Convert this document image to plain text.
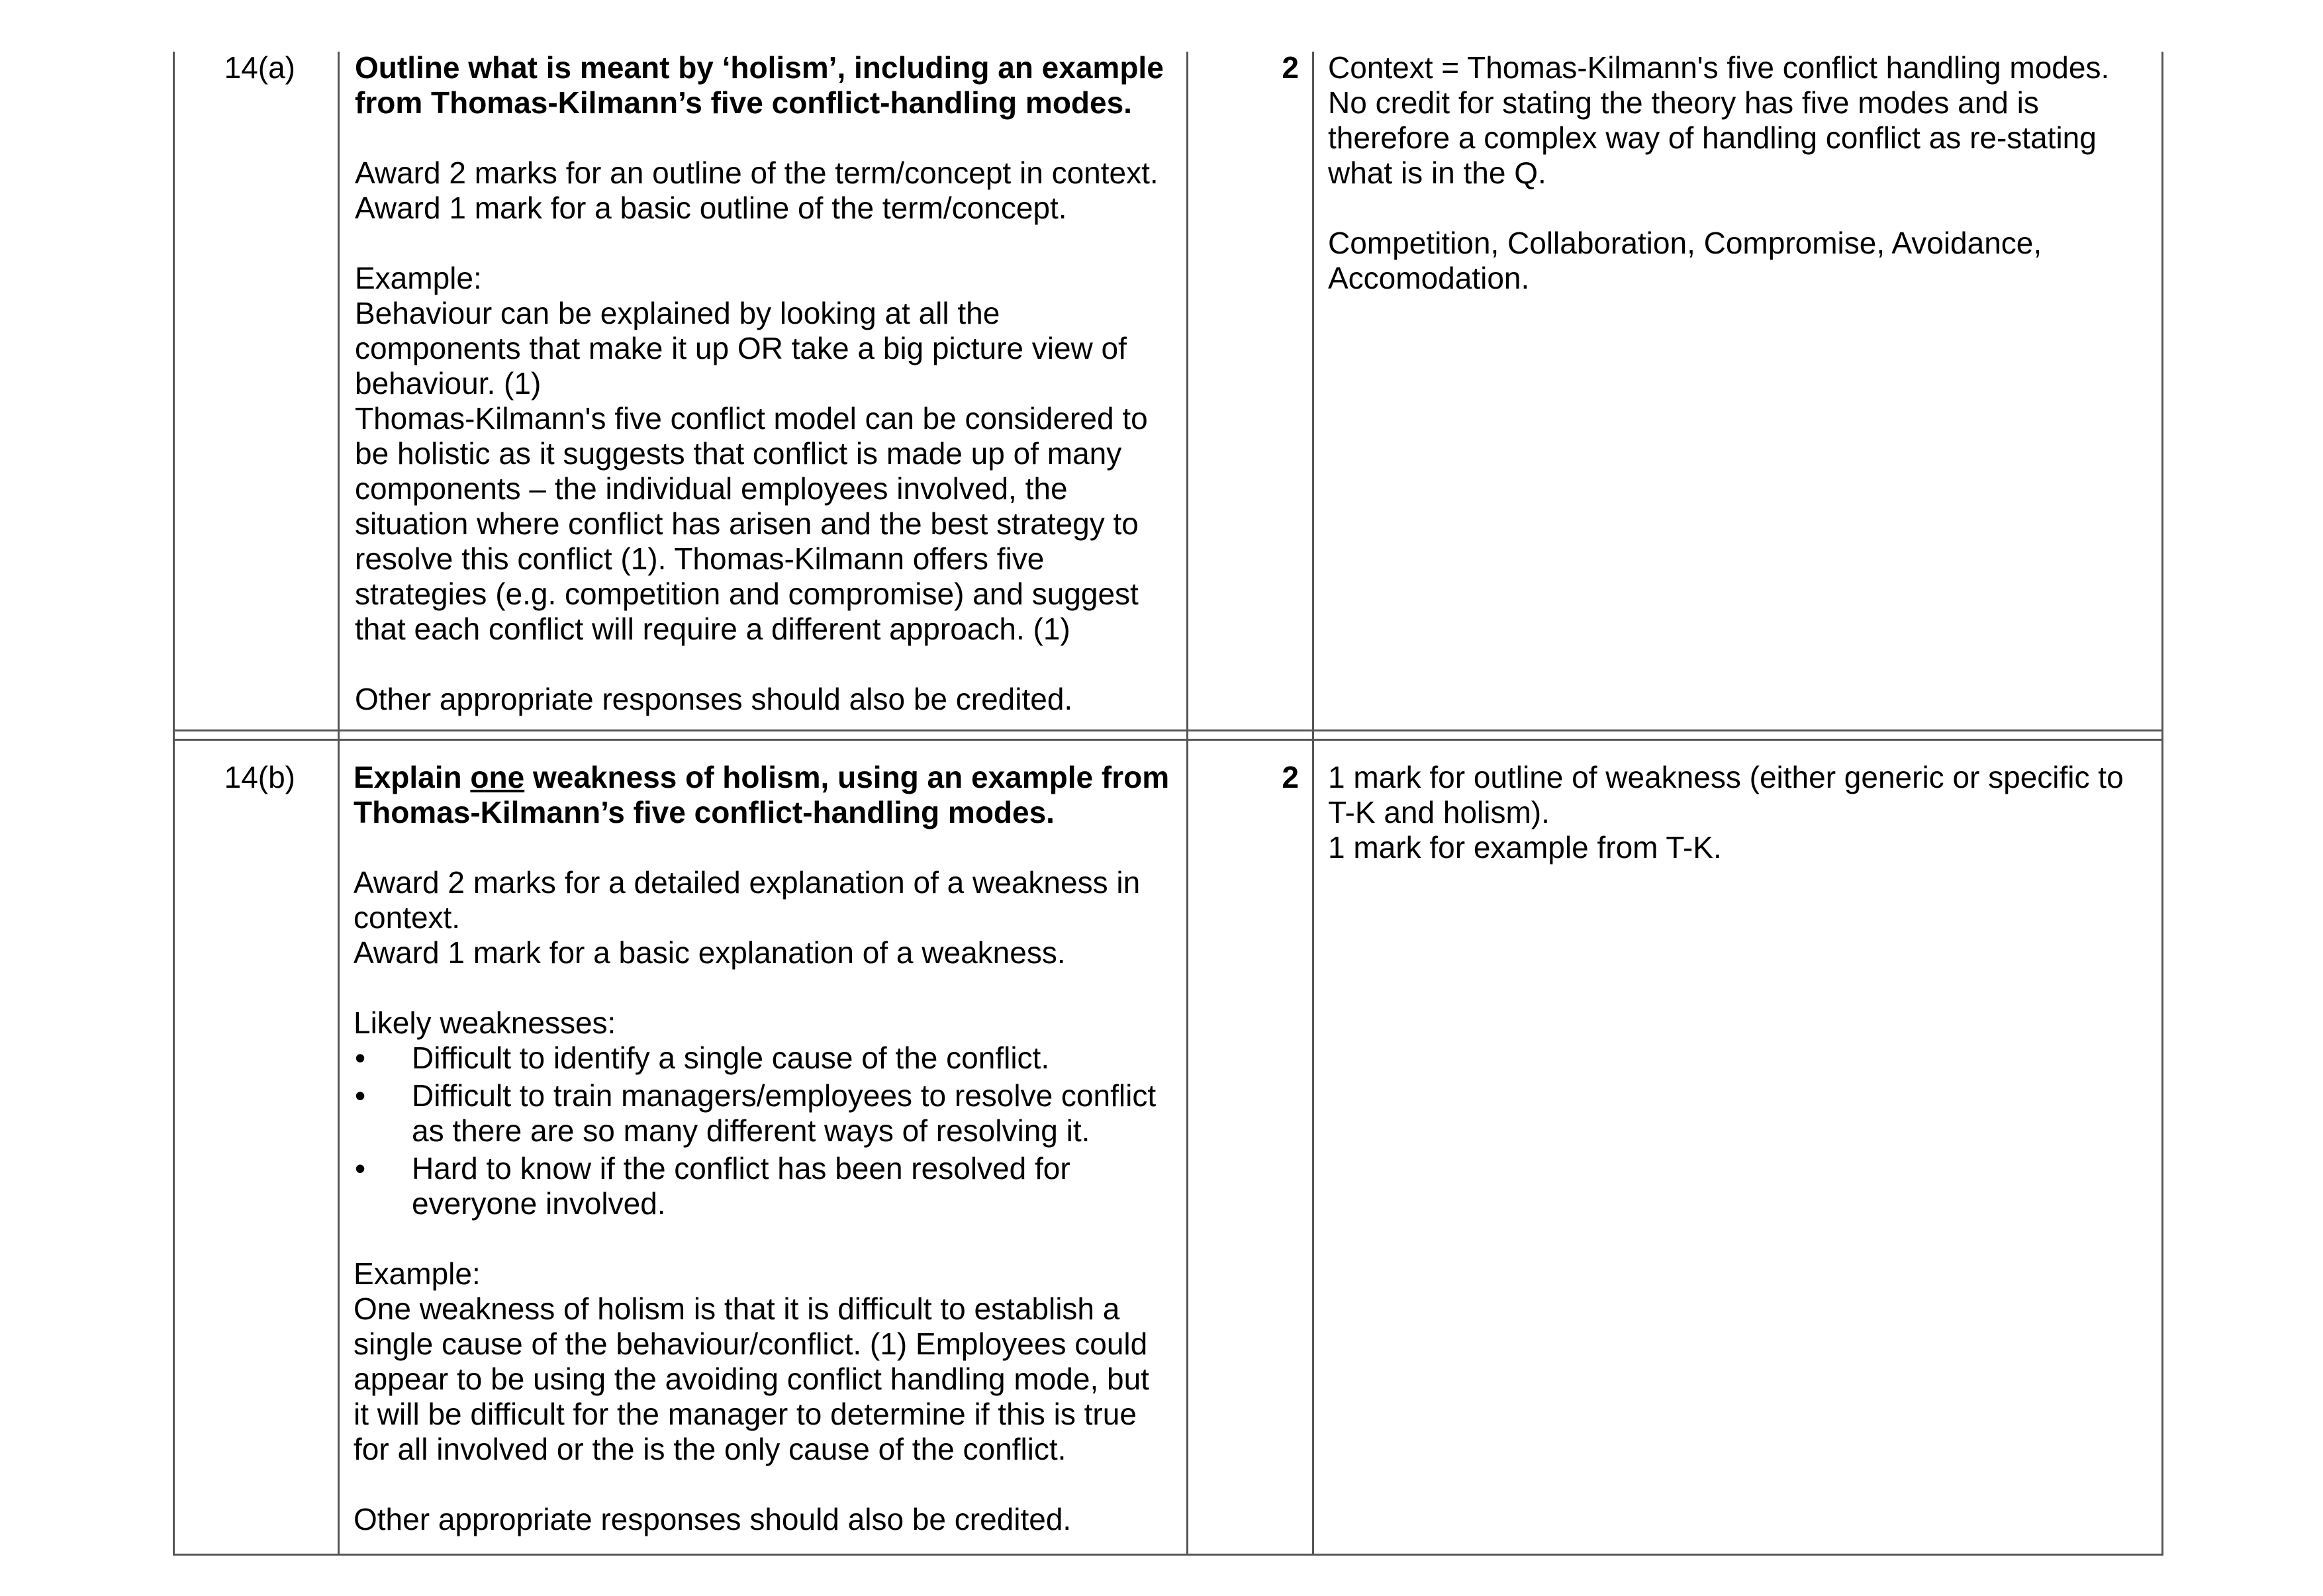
14(a) Outline what is meant by ‘holism’, including an example
from Thomas-Kilmann’s five conflict-handling modes.
Award 2 marks for an outline of the term/concept in context.
Award 1 mark for a basic outline of the term/concept.
Example:
Behaviour can be explained by looking at all the
components that make it up OR take a big picture view of
behaviour. (1)
Thomas-Kilmann's five conflict model can be considered to
be holistic as it suggests that conflict is made up of many
components – the individual employees involved, the
situation where conflict has arisen and the best strategy to
resolve this conflict (1). Thomas-Kilmann offers five
strategies (e.g. competition and compromise) and suggest
that each conflict will require a different approach. (1)
Other appropriate responses should also be credited.
2 Context = Thomas-Kilmann's five conflict handling modes.
No credit for stating the theory has five modes and is
therefore a complex way of handling conflict as re-stating
what is in the Q.
Competition, Collaboration, Compromise, Avoidance,
Accomodation.
14(b) Explain one weakness of holism, using an example from
Thomas-Kilmann’s five conflict-handling modes.
Award 2 marks for a detailed explanation of a weakness in
context.
Award 1 mark for a basic explanation of a weakness.
Likely weaknesses:
• Difficult to identify a single cause of the conflict.
• Difficult to train managers/employees to resolve conflict
as there are so many different ways of resolving it.
• Hard to know if the conflict has been resolved for
everyone involved.
Example:
One weakness of holism is that it is difficult to establish a
single cause of the behaviour/conflict. (1) Employees could
appear to be using the avoiding conflict handling mode, but
it will be difficult for the manager to determine if this is true
for all involved or the is the only cause of the conflict.
Other appropriate responses should also be credited.
2 1 mark for outline of weakness (either generic or specific to
T-K and holism).
1 mark for example from T-K.
